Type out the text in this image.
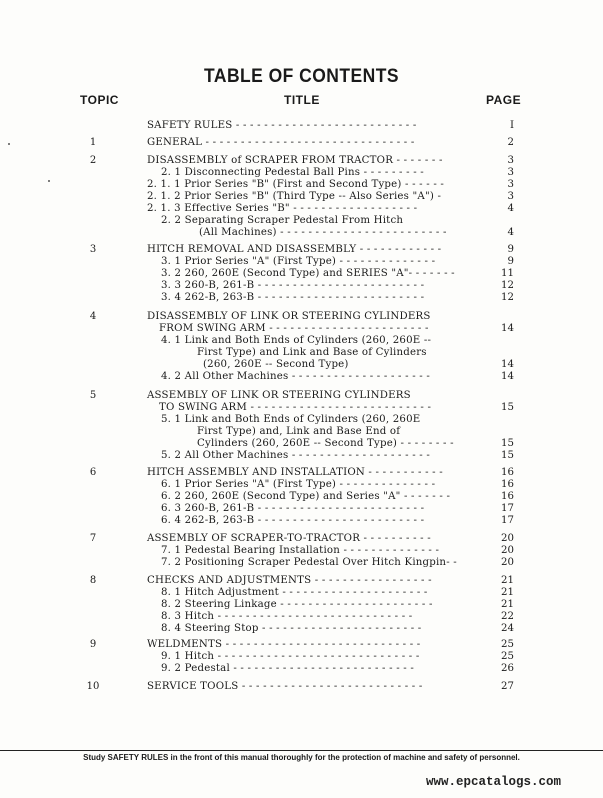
TABLE OF CONTENTS
TOPIC	TITLE	PAGE
SAFETY RULES - - - - - - - - - - - - - - - - - - - - - - - - - -	I
1	GENERAL - - - - - - - - - - - - - - - - - - - - - - - - - - - - - -	2
2	DISASSEMBLY of SCRAPER FROM TRACTOR - - - - - - -	3
2. 1 Disconnecting Pedestal Ball Pins - - - - - - - - -	3
2. 1. 1 Prior Series "B" (First and Second Type) - - - - - -	3
2. 1. 2 Prior Series "B" (Third Type -- Also Series "A") -	3
2. 1. 3 Effective Series "B" - - - - - - - - - - - - - - - - - -	4
2. 2 Separating Scraper Pedestal From Hitch
(All Machines) - - - - - - - - - - - - - - - - - - - - - - - -	4
3	HITCH REMOVAL AND DISASSEMBLY - - - - - - - - - - - -	9
3. 1 Prior Series "A" (First Type) - - - - - - - - - - - - - -	9
3. 2 260, 260E (Second Type) and SERIES "A"- - - - - - -	11
3. 3 260-B, 261-B - - - - - - - - - - - - - - - - - - - - - - - -	12
3. 4 262-B, 263-B - - - - - - - - - - - - - - - - - - - - - - - -	12
4	DISASSEMBLY OF LINK OR STEERING CYLINDERS
FROM SWING ARM - - - - - - - - - - - - - - - - - - - - - - -	14
4. 1 Link and Both Ends of Cylinders (260, 260E --
First Type) and Link and Base of Cylinders
(260, 260E -- Second Type)	14
4. 2 All Other Machines - - - - - - - - - - - - - - - - - - - -	14
5	ASSEMBLY OF LINK OR STEERING CYLINDERS
TO SWING ARM - - - - - - - - - - - - - - - - - - - - - - - - - -	15
5. 1 Link and Both Ends of Cylinders (260, 260E
First Type) and, Link and Base End of
Cylinders (260, 260E -- Second Type) - - - - - - - -	15
5. 2 All Other Machines - - - - - - - - - - - - - - - - - - - -	15
6	HITCH ASSEMBLY AND INSTALLATION - - - - - - - - - - -	16
6. 1 Prior Series "A" (First Type) - - - - - - - - - - - - - -	16
6. 2 260, 260E (Second Type) and Series "A" - - - - - - -	16
6. 3 260-B, 261-B - - - - - - - - - - - - - - - - - - - - - - - -	17
6. 4 262-B, 263-B - - - - - - - - - - - - - - - - - - - - - - - -	17
7	ASSEMBLY OF SCRAPER-TO-TRACTOR - - - - - - - - - -	20
7. 1 Pedestal Bearing Installation - - - - - - - - - - - - - -	20
7. 2 Positioning Scraper Pedestal Over Hitch Kingpin- -	20
8	CHECKS AND ADJUSTMENTS - - - - - - - - - - - - - - - - -	21
8. 1 Hitch Adjustment - - - - - - - - - - - - - - - - - - - - -	21
8. 2 Steering Linkage - - - - - - - - - - - - - - - - - - - - - -	21
8. 3 Hitch - - - - - - - - - - - - - - - - - - - - - - - - - - - -	22
8. 4 Steering Stop - - - - - - - - - - - - - - - - - - - - - - -	24
9	WELDMENTS - - - - - - - - - - - - - - - - - - - - - - - - - - - -	25
9. 1 Hitch - - - - - - - - - - - - - - - - - - - - - - - - - - - - -	25
9. 2 Pedestal - - - - - - - - - - - - - - - - - - - - - - - - - -	26
10	SERVICE TOOLS - - - - - - - - - - - - - - - - - - - - - - - - - -	27
Study SAFETY RULES in the front of this manual thoroughly for the protection of machine and safety of personnel.
www.epcatalogs.com
